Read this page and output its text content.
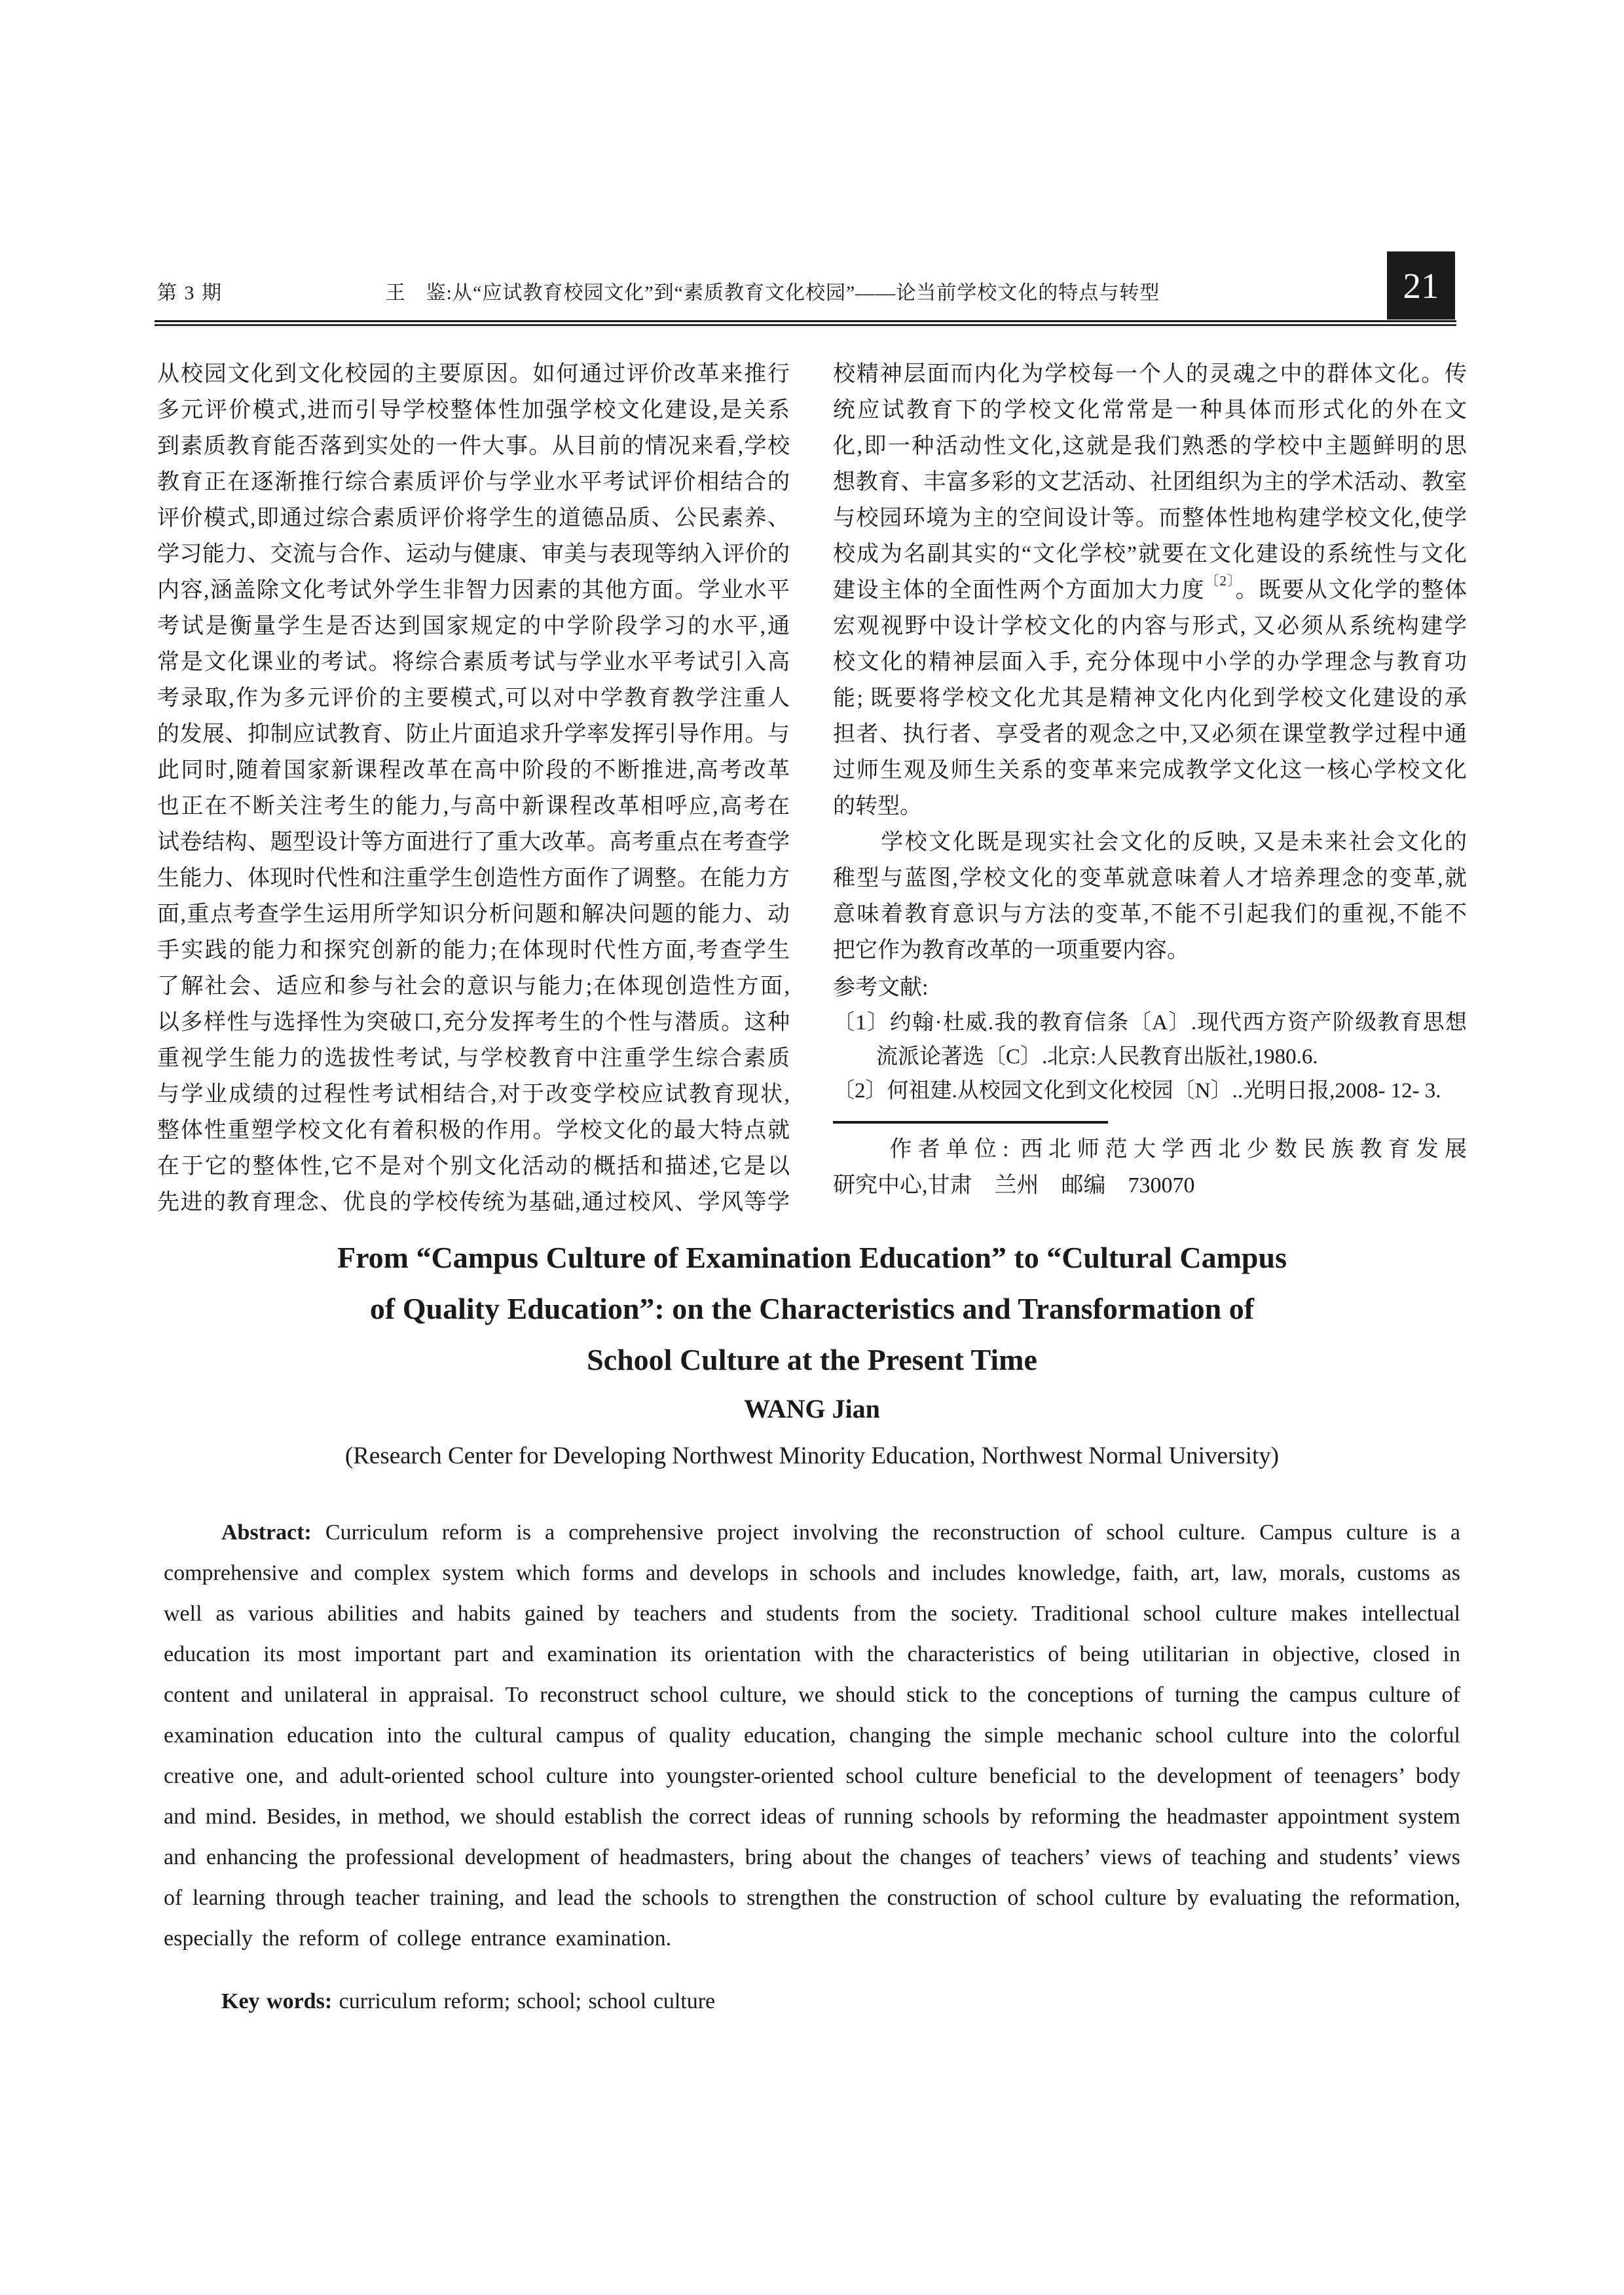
第 3 期	王　鉴:从“应试教育校园文化”到“素质教育文化校园”——论当前学校文化的特点与转型	21
从校园文化到文化校园的主要原因。如何通过评价改革来推行
多元评价模式,进而引导学校整体性加强学校文化建设,是关系
到素质教育能否落到实处的一件大事。从目前的情况来看,学校
教育正在逐渐推行综合素质评价与学业水平考试评价相结合的
评价模式,即通过综合素质评价将学生的道德品质、公民素养、
学习能力、交流与合作、运动与健康、审美与表现等纳入评价的
内容,涵盖除文化考试外学生非智力因素的其他方面。学业水平
考试是衡量学生是否达到国家规定的中学阶段学习的水平,通
常是文化课业的考试。将综合素质考试与学业水平考试引入高
考录取,作为多元评价的主要模式,可以对中学教育教学注重人
的发展、抑制应试教育、防止片面追求升学率发挥引导作用。与
此同时,随着国家新课程改革在高中阶段的不断推进,高考改革
也正在不断关注考生的能力,与高中新课程改革相呼应,高考在
试卷结构、题型设计等方面进行了重大改革。高考重点在考查学
生能力、体现时代性和注重学生创造性方面作了调整。在能力方
面,重点考查学生运用所学知识分析问题和解决问题的能力、动
手实践的能力和探究创新的能力;在体现时代性方面,考查学生
了解社会、适应和参与社会的意识与能力;在体现创造性方面,
以多样性与选择性为突破口,充分发挥考生的个性与潜质。这种
重视学生能力的选拔性考试, 与学校教育中注重学生综合素质
与学业成绩的过程性考试相结合,对于改变学校应试教育现状,
整体性重塑学校文化有着积极的作用。学校文化的最大特点就
在于它的整体性,它不是对个别文化活动的概括和描述,它是以
先进的教育理念、优良的学校传统为基础,通过校风、学风等学
校精神层面而内化为学校每一个人的灵魂之中的群体文化。传
统应试教育下的学校文化常常是一种具体而形式化的外在文
化,即一种活动性文化,这就是我们熟悉的学校中主题鲜明的思
想教育、丰富多彩的文艺活动、社团组织为主的学术活动、教室
与校园环境为主的空间设计等。而整体性地构建学校文化,使学
校成为名副其实的“文化学校”就要在文化建设的系统性与文化
建设主体的全面性两个方面加大力度$^{〔2〕}$。既要从文化学的整体
宏观视野中设计学校文化的内容与形式, 又必须从系统构建学
校文化的精神层面入手, 充分体现中小学的办学理念与教育功
能; 既要将学校文化尤其是精神文化内化到学校文化建设的承
担者、执行者、享受者的观念之中,又必须在课堂教学过程中通
过师生观及师生关系的变革来完成教学文化这一核心学校文化
的转型。
　　学校文化既是现实社会文化的反映, 又是未来社会文化的
稚型与蓝图,学校文化的变革就意味着人才培养理念的变革,就
意味着教育意识与方法的变革,不能不引起我们的重视,不能不
把它作为教育改革的一项重要内容。
参考文献:
〔1〕约翰·杜威.我的教育信条〔A〕.现代西方资产阶级教育思想
　　流派论著选〔C〕.北京:人民教育出版社,1980.6.
〔2〕何祖建.从校园文化到文化校园〔N〕..光明日报,2008- 12- 3.
　　作者单位: 西北师范大学西北少数民族教育发展
研究中心,甘肃　兰州　邮编　730070
From “Campus Culture of Examination Education” to “Cultural Campus
of Quality Education”: on the Characteristics and Transformation of
School Culture at the Present Time
WANG Jian
(Research Center for Developing Northwest Minority Education, Northwest Normal University)

Abstract: Curriculum reform is a comprehensive project involving the reconstruction of school culture. Campus culture is a comprehensive and complex system which forms and develops in schools and includes knowledge, faith, art, law, morals, customs as well as various abilities and habits gained by teachers and students from the society. Traditional school culture makes intellectual education its most important part and examination its orientation with the characteristics of being utilitarian in objective, closed in content and unilateral in appraisal. To reconstruct school culture, we should stick to the conceptions of turning the campus culture of examination education into the cultural campus of quality education, changing the simple mechanic school culture into the colorful creative one, and adult-oriented school culture into youngster-oriented school culture beneficial to the development of teenagers’ body and mind. Besides, in method, we should establish the correct ideas of running schools by reforming the headmaster appointment system and enhancing the professional development of headmasters, bring about the changes of teachers’ views of teaching and students’ views of learning through teacher training, and lead the schools to strengthen the construction of school culture by evaluating the reformation, especially the reform of college entrance examination.

Key words: curriculum reform; school; school culture
